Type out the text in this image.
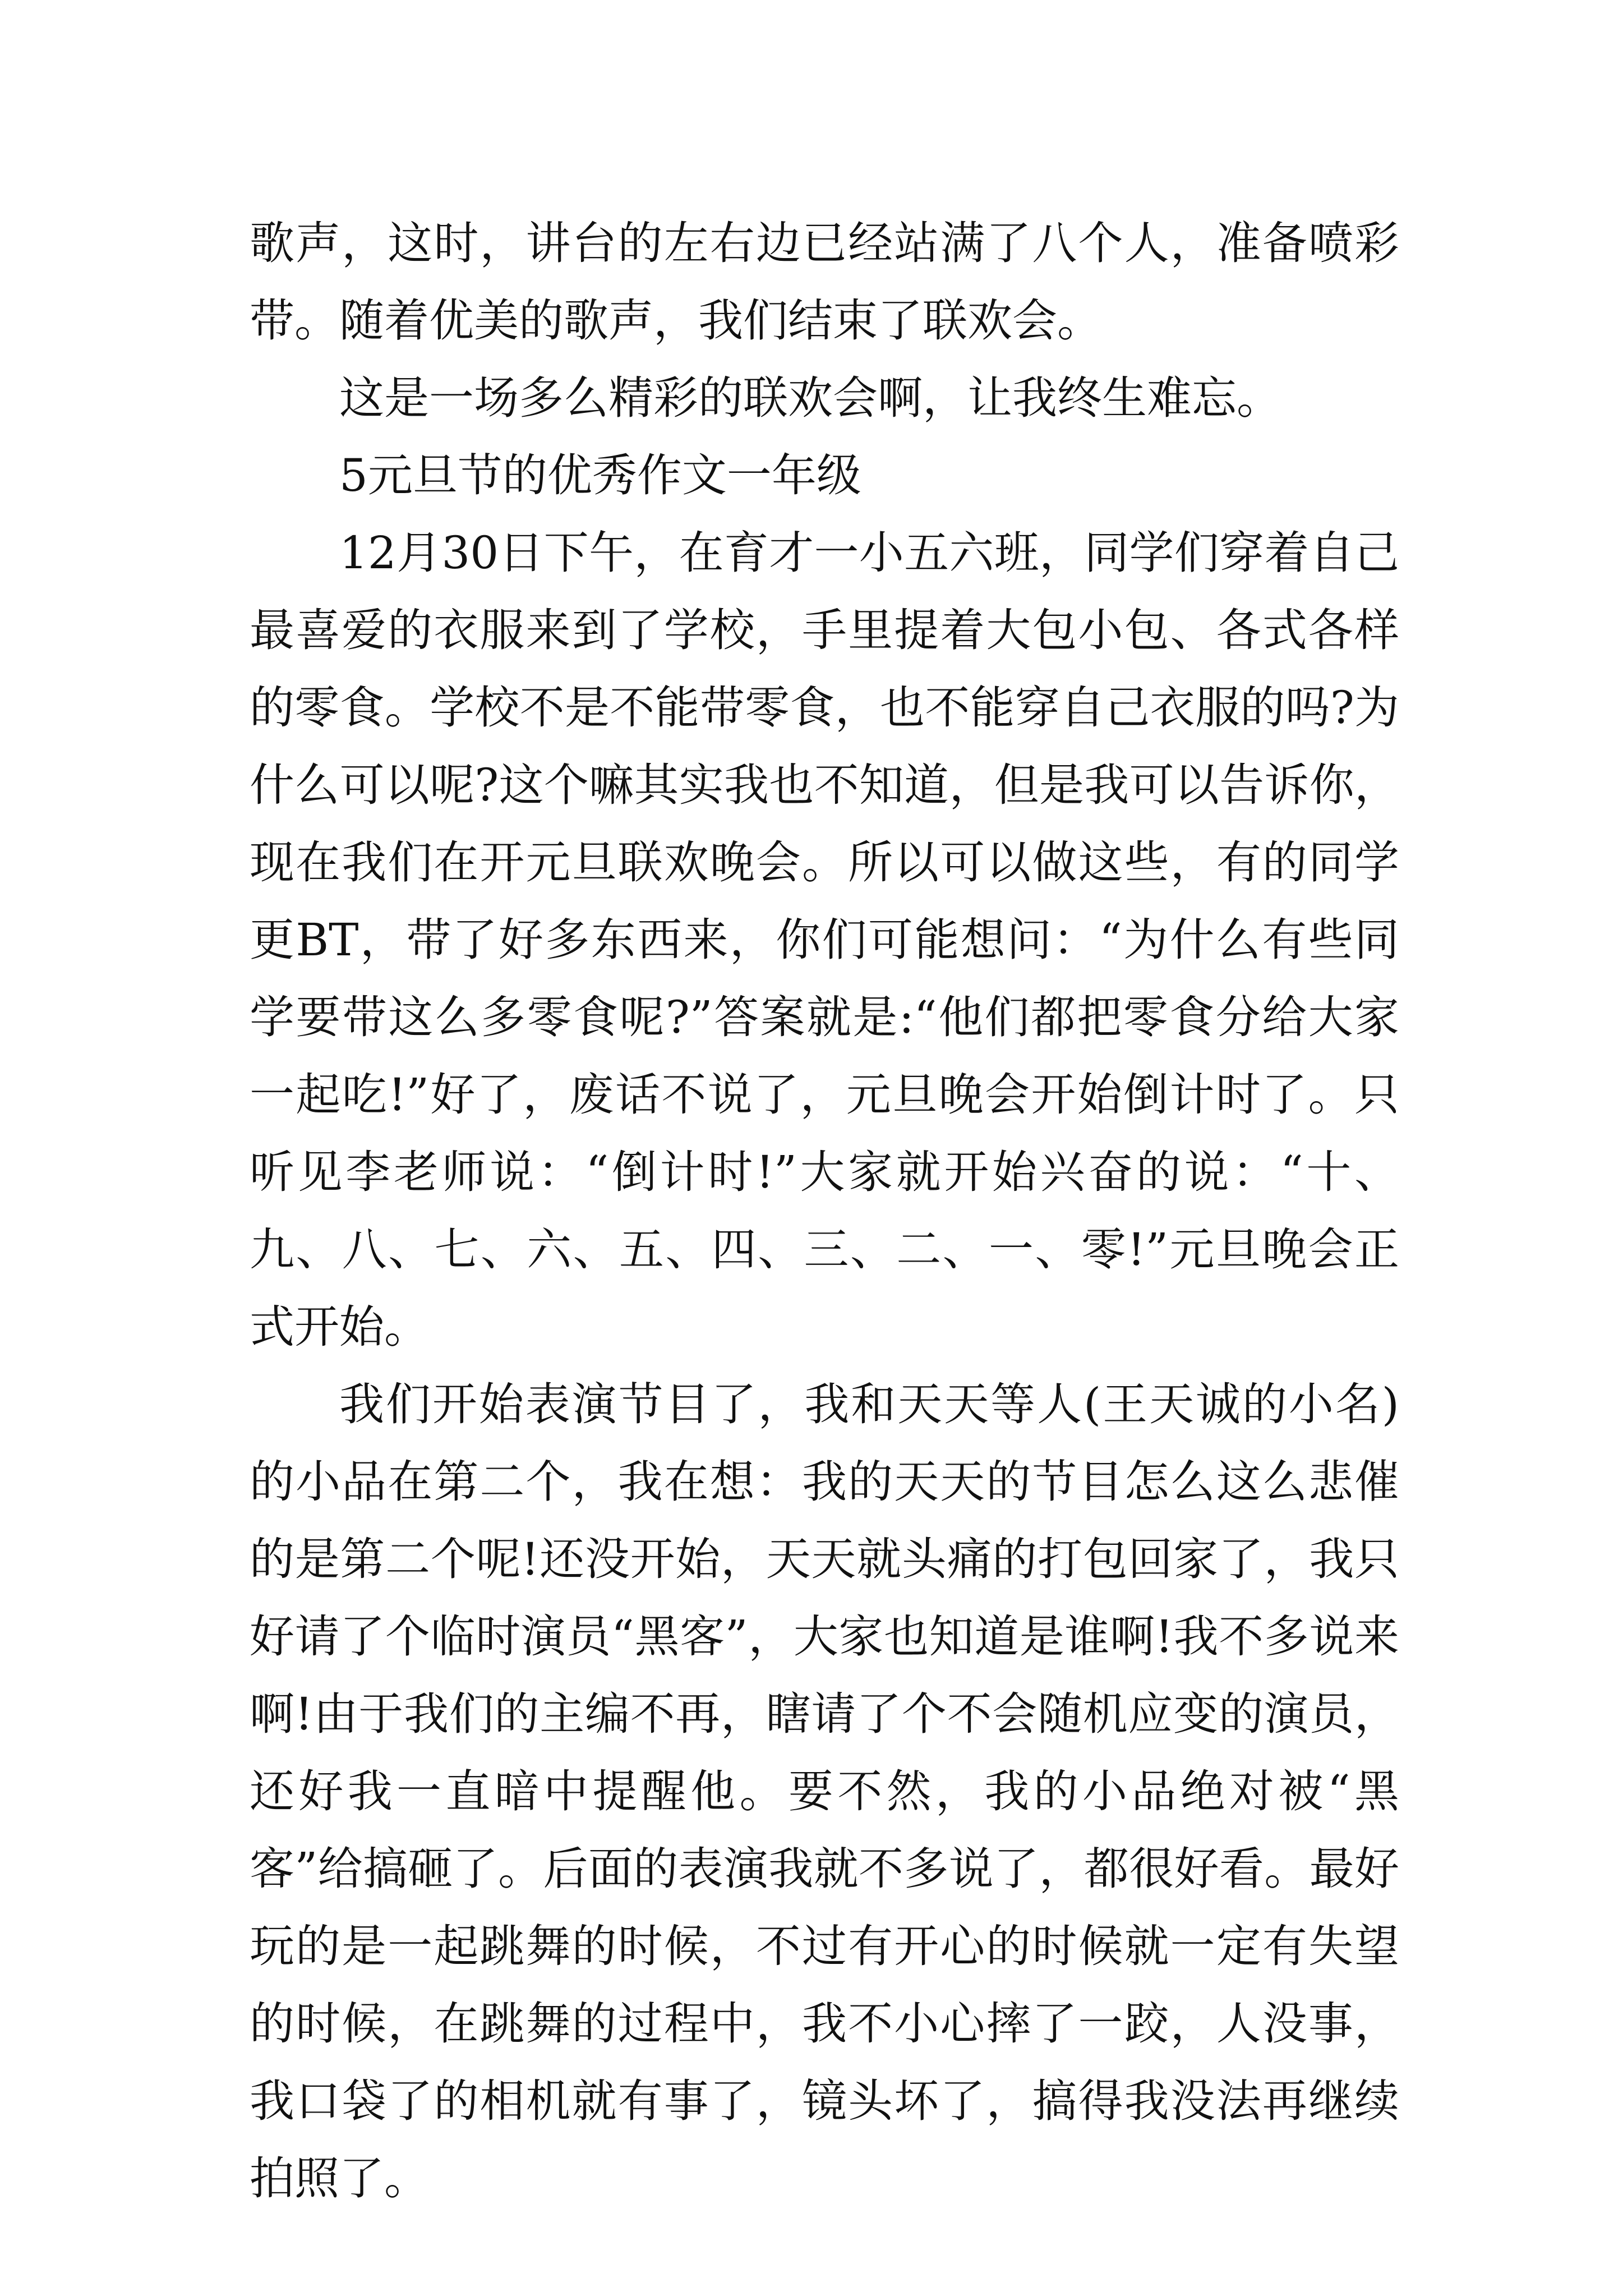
歌声，这时，讲台的左右边已经站满了八个人，准备喷彩带。随着优美的歌声，我们结束了联欢会。

这是一场多么精彩的联欢会啊，让我终生难忘。

5元旦节的优秀作文一年级

12月30日下午，在育才一小五六班，同学们穿着自己最喜爱的衣服来到了学校，手里提着大包小包、各式各样的零食。学校不是不能带零食，也不能穿自己衣服的吗?为什么可以呢?这个嘛其实我也不知道，但是我可以告诉你，现在我们在开元旦联欢晚会。所以可以做这些，有的同学更BT，带了好多东西来，你们可能想问：“为什么有些同学要带这么多零食呢?”答案就是:“他们都把零食分给大家一起吃!”好了，废话不说了，元旦晚会开始倒计时了。只听见李老师说：“倒计时!”大家就开始兴奋的说：“十、九、八、七、六、五、四、三、二、一、零!”元旦晚会正式开始。

我们开始表演节目了，我和天天等人(王天诚的小名)的小品在第二个，我在想：我的天天的节目怎么这么悲催的是第二个呢!还没开始，天天就头痛的打包回家了，我只好请了个临时演员“黑客”，大家也知道是谁啊!我不多说来啊!由于我们的主编不再，瞎请了个不会随机应变的演员，还好我一直暗中提醒他。要不然，我的小品绝对被“黑客”给搞砸了。后面的表演我就不多说了，都很好看。最好玩的是一起跳舞的时候，不过有开心的时候就一定有失望的时候，在跳舞的过程中，我不小心摔了一跤，人没事，我口袋了的相机就有事了，镜头坏了，搞得我没法再继续拍照了。
